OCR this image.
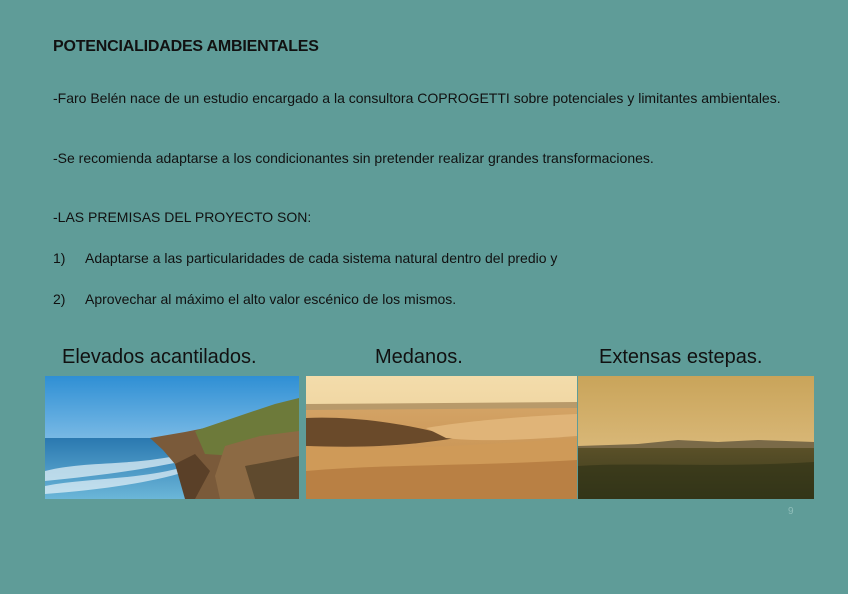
POTENCIALIDADES AMBIENTALES
-Faro Belén nace de un estudio encargado a la consultora COPROGETTI sobre potenciales y limitantes ambientales.
-Se recomienda adaptarse a los condicionantes sin pretender realizar grandes transformaciones.
-LAS PREMISAS DEL PROYECTO SON:
1) Adaptarse a las particularidades de cada sistema natural dentro del predio y
2) Aprovechar al máximo el alto valor escénico de los mismos.
Elevados acantilados.	Medanos.	Extensas estepas.
9
